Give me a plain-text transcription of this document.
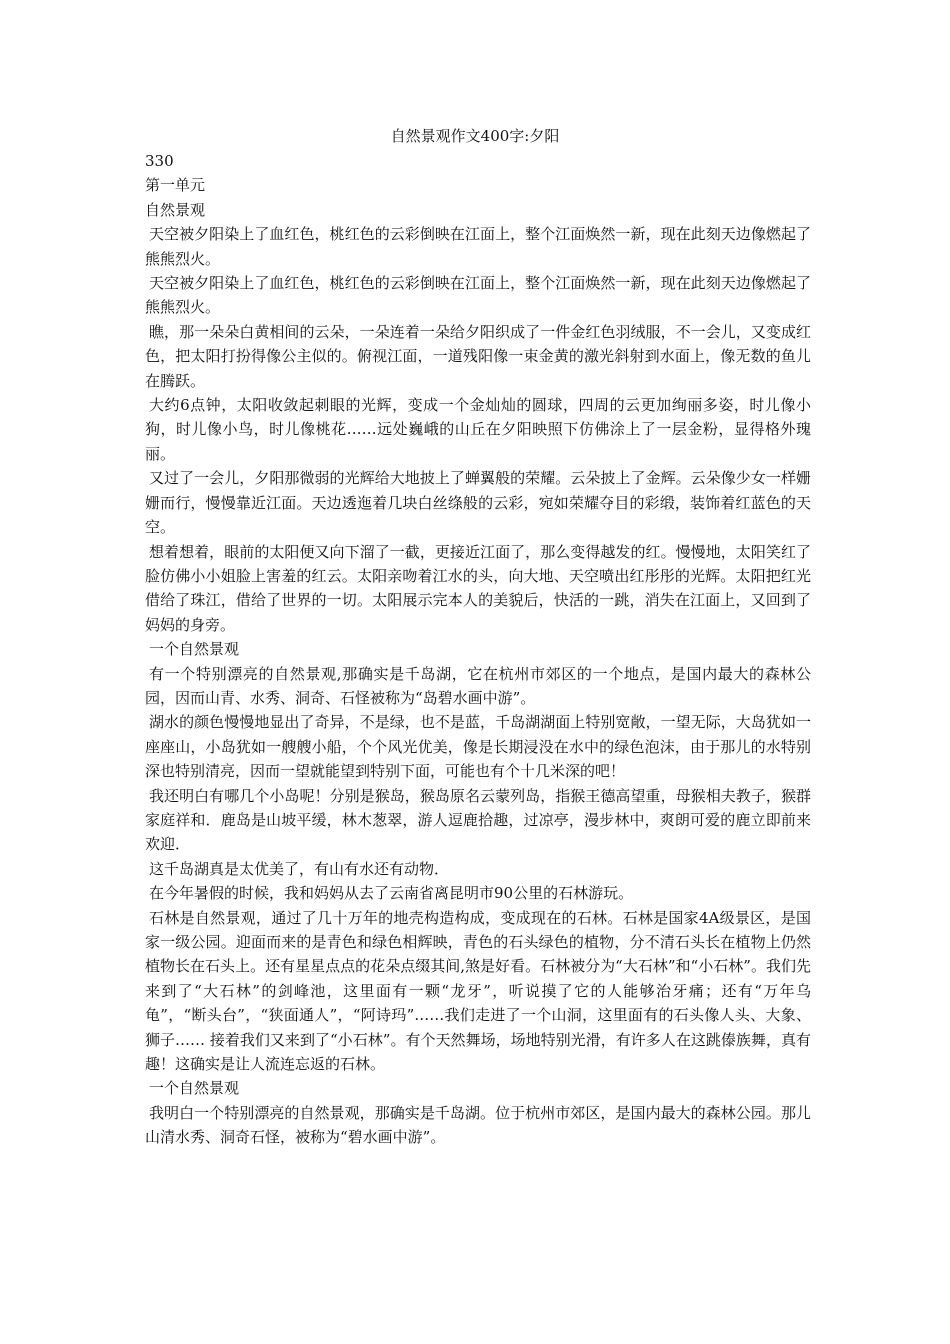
自然景观作文400字:夕阳

330

第一单元

自然景观

天空被夕阳染上了血红色，桃红色的云彩倒映在江面上，整个江面焕然一新，现在此刻天边像燃起了熊熊烈火。

天空被夕阳染上了血红色，桃红色的云彩倒映在江面上，整个江面焕然一新，现在此刻天边像燃起了熊熊烈火。

瞧，那一朵朵白黄相间的云朵，一朵连着一朵给夕阳织成了一件金红色羽绒服，不一会儿，又变成红色，把太阳打扮得像公主似的。俯视江面，一道残阳像一束金黄的激光斜射到水面上，像无数的鱼儿在腾跃。

大约6点钟，太阳收敛起刺眼的光辉，变成一个金灿灿的圆球，四周的云更加绚丽多姿，时儿像小狗，时儿像小鸟，时儿像桃花……远处巍峨的山丘在夕阳映照下仿佛涂上了一层金粉，显得格外瑰丽。

又过了一会儿，夕阳那微弱的光辉给大地披上了蝉翼般的荣耀。云朵披上了金辉。云朵像少女一样姗姗而行，慢慢靠近江面。天边透迤着几块白丝绦般的云彩，宛如荣耀夺目的彩缎，装饰着红蓝色的天空。

想着想着，眼前的太阳便又向下溜了一截，更接近江面了，那么变得越发的红。慢慢地，太阳笑红了脸仿佛小小姐脸上害羞的红云。太阳亲吻着江水的头，向大地、天空喷出红彤彤的光辉。太阳把红光借给了珠江，借给了世界的一切。太阳展示完本人的美貌后，快活的一跳，消失在江面上，又回到了妈妈的身旁。

一个自然景观

有一个特别漂亮的自然景观,那确实是千岛湖，它在杭州市郊区的一个地点，是国内最大的森林公园，因而山青、水秀、洞奇、石怪被称为“岛碧水画中游”。

湖水的颜色慢慢地显出了奇异，不是绿，也不是蓝，千岛湖湖面上特别宽敞，一望无际，大岛犹如一座座山，小岛犹如一艘艘小船，个个风光优美，像是长期浸没在水中的绿色泡沫，由于那儿的水特别深也特别清亮，因而一望就能望到特别下面，可能也有个十几米深的吧！

我还明白有哪几个小岛呢！分别是猴岛，猴岛原名云蒙列岛，指猴王德高望重，母猴相夫教子，猴群家庭祥和．鹿岛是山坡平缓，林木葱翠，游人逗鹿拾趣，过凉亭，漫步林中，爽朗可爱的鹿立即前来欢迎．

这千岛湖真是太优美了，有山有水还有动物．

在今年暑假的时候，我和妈妈从去了云南省离昆明市90公里的石林游玩。

石林是自然景观，通过了几十万年的地壳构造构成，变成现在的石林。石林是国家4A级景区，是国家一级公园。迎面而来的是青色和绿色相辉映，青色的石头绿色的植物，分不清石头长在植物上仍然植物长在石头上。还有星星点点的花朵点缀其间,煞是好看。石林被分为“大石林”和“小石林”。我们先来到了“大石林”的剑峰池，这里面有一颗“龙牙”，听说摸了它的人能够治牙痛；还有“万年乌龟”，“断头台”，“狭面通人”，“阿诗玛”……我们走进了一个山洞，这里面有的石头像人头、大象、狮子…… 接着我们又来到了“小石林”。有个天然舞场，场地特别光滑，有许多人在这跳傣族舞，真有趣！这确实是让人流连忘返的石林。

一个自然景观

我明白一个特别漂亮的自然景观，那确实是千岛湖。位于杭州市郊区，是国内最大的森林公园。那儿山清水秀、洞奇石怪，被称为“碧水画中游”。
